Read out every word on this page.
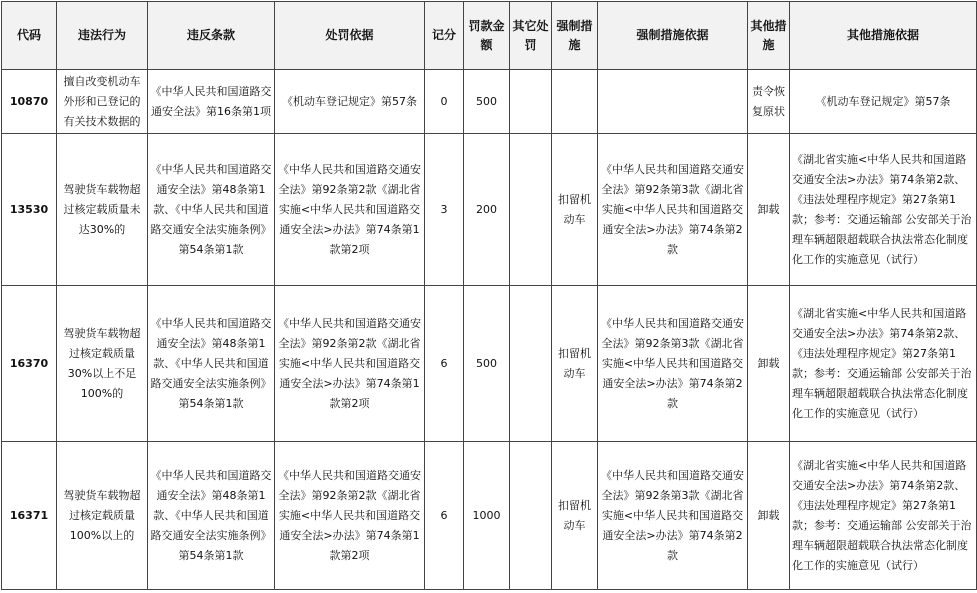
代码	违法行为	违反条款	处罚依据	记分	罚款金额	其它处罚	强制措施	强制措施依据	其他措施	其他措施依据
10870	擅自改变机动车外形和已登记的有关技术数据的	《中华人民共和国道路交通安全法》第16条第1项	《机动车登记规定》第57条	0	500				责令恢复原状	《机动车登记规定》第57条
13530	驾驶货车载物超过核定载质量未达30%的	《中华人民共和国道路交通安全法》第48条第1款、《中华人民共和国道路交通安全法实施条例》第54条第1款	《中华人民共和国道路交通安全法》第92条第2款《湖北省实施<中华人民共和国道路交通安全法>办法》第74条第1款第2项	3	200		扣留机动车	《中华人民共和国道路交通安全法》第92条第3款《湖北省实施<中华人民共和国道路交通安全法>办法》第74条第2款	卸载	《湖北省实施<中华人民共和国道路交通安全法>办法》第74条第2款、《违法处理程序规定》第27条第1款；参考：交通运输部 公安部关于治理车辆超限超载联合执法常态化制度化工作的实施意见（试行）
16370	驾驶货车载物超过核定载质量30%以上不足100%的	《中华人民共和国道路交通安全法》第48条第1款、《中华人民共和国道路交通安全法实施条例》第54条第1款	《中华人民共和国道路交通安全法》第92条第2款《湖北省实施<中华人民共和国道路交通安全法>办法》第74条第1款第2项	6	500		扣留机动车	《中华人民共和国道路交通安全法》第92条第3款《湖北省实施<中华人民共和国道路交通安全法>办法》第74条第2款	卸载	《湖北省实施<中华人民共和国道路交通安全法>办法》第74条第2款、《违法处理程序规定》第27条第1款；参考：交通运输部 公安部关于治理车辆超限超载联合执法常态化制度化工作的实施意见（试行）
16371	驾驶货车载物超过核定载质量100%以上的	《中华人民共和国道路交通安全法》第48条第1款、《中华人民共和国道路交通安全法实施条例》第54条第1款	《中华人民共和国道路交通安全法》第92条第2款《湖北省实施<中华人民共和国道路交通安全法>办法》第74条第1款第2项	6	1000		扣留机动车	《中华人民共和国道路交通安全法》第92条第3款《湖北省实施<中华人民共和国道路交通安全法>办法》第74条第2款	卸载	《湖北省实施<中华人民共和国道路交通安全法>办法》第74条第2款、《违法处理程序规定》第27条第1款；参考：交通运输部 公安部关于治理车辆超限超载联合执法常态化制度化工作的实施意见（试行）
